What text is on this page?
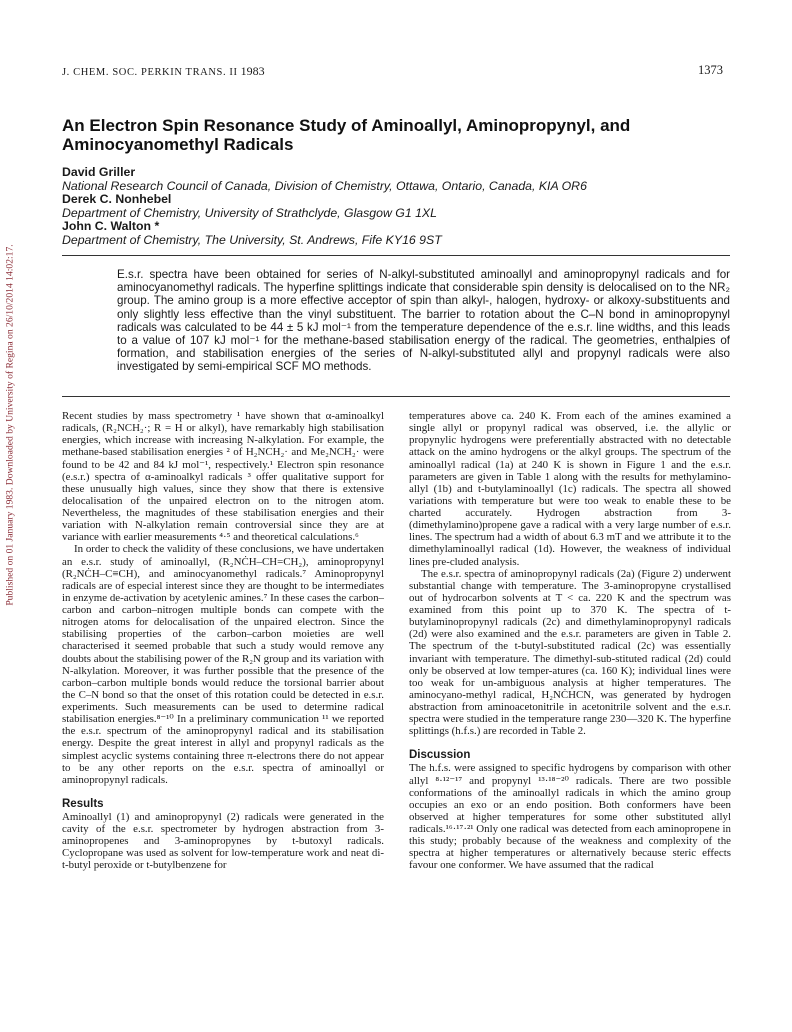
Published on 01 January 1983. Downloaded by University of Regina on 26/10/2014 14:02:17.
J. CHEM. SOC. PERKIN TRANS. II 1983	1373
An Electron Spin Resonance Study of Aminoallyl, Aminopropynyl, and Aminocyanomethyl Radicals
David Griller
National Research Council of Canada, Division of Chemistry, Ottawa, Ontario, Canada, KIA OR6
Derek C. Nonhebel
Department of Chemistry, University of Strathclyde, Glasgow G1 1XL
John C. Walton *
Department of Chemistry, The University, St. Andrews, Fife KY16 9ST

E.s.r. spectra have been obtained for series of N-alkyl-substituted aminoallyl and aminopropynyl radicals and for aminocyanomethyl radicals. The hyperfine splittings indicate that considerable spin density is delocalised on to the NR₂ group. The amino group is a more effective acceptor of spin than alkyl-, halogen, hydroxy- or alkoxy-substituents and only slightly less effective than the vinyl substituent. The barrier to rotation about the C–N bond in aminopropynyl radicals was calculated to be 44 ± 5 kJ mol⁻¹ from the temperature dependence of the e.s.r. line widths, and this leads to a value of 107 kJ mol⁻¹ for the methane-based stabilisation energy of the radical. The geometries, enthalpies of formation, and stabilisation energies of the series of N-alkyl-substituted allyl and propynyl radicals were also investigated by semi-empirical SCF MO methods.

Recent studies by mass spectrometry ¹ have shown that α-aminoalkyl radicals, (R₂NCH₂·; R = H or alkyl), have remarkably high stabilisation energies, which increase with increasing N-alkylation. For example, the methane-based stabilisation energies ² of H₂NCH₂· and Me₂NCH₂· were found to be 42 and 84 kJ mol⁻¹, respectively.¹ Electron spin resonance (e.s.r.) spectra of α-aminoalkyl radicals ³ offer qualitative support for these unusually high values, since they show that there is extensive delocalisation of the unpaired electron on to the nitrogen atom. Nevertheless, the magnitudes of these stabilisation energies and their variation with N-alkylation remain controversial since they are at variance with earlier measurements ⁴·⁵ and theoretical calculations.⁶

In order to check the validity of these conclusions, we have undertaken an e.s.r. study of aminoallyl, (R₂NĊH–CH=CH₂), aminopropynyl (R₂NĊH–C≡CH), and aminocyanomethyl radicals.⁷ Aminopropynyl radicals are of especial interest since they are thought to be intermediates in enzyme de-activation by acetylenic amines.⁷ In these cases the carbon–carbon and carbon–nitrogen multiple bonds can compete with the nitrogen atoms for delocalisation of the unpaired electron. Since the stabilising properties of the carbon–carbon moieties are well characterised it seemed probable that such a study would remove any doubts about the stabilising power of the R₂N group and its variation with N-alkylation. Moreover, it was further possible that the presence of the carbon–carbon multiple bonds would reduce the torsional barrier about the C–N bond so that the onset of this rotation could be detected in e.s.r. experiments. Such measurements can be used to determine radical stabilisation energies.⁸⁻¹⁰ In a preliminary communication ¹¹ we reported the e.s.r. spectrum of the aminopropynyl radical and its stabilisation energy. Despite the great interest in allyl and propynyl radicals as the simplest acyclic systems containing three π-electrons there do not appear to be any other reports on the e.s.r. spectra of aminoallyl or aminopropynyl radicals.

Results

Aminoallyl (1) and aminopropynyl (2) radicals were generated in the cavity of the e.s.r. spectrometer by hydrogen abstraction from 3-aminopropenes and 3-aminopropynes by t-butoxyl radicals. Cyclopropane was used as solvent for low-temperature work and neat di-t-butyl peroxide or t-butylbenzene for

temperatures above ca. 240 K. From each of the amines examined a single allyl or propynyl radical was observed, i.e. the allylic or propynylic hydrogens were preferentially abstracted with no detectable attack on the amino hydrogens or the alkyl groups. The spectrum of the aminoallyl radical (1a) at 240 K is shown in Figure 1 and the e.s.r. parameters are given in Table 1 along with the results for methylamino-allyl (1b) and t-butylaminoallyl (1c) radicals. The spectra all showed variations with temperature but were too weak to enable these to be charted accurately. Hydrogen abstraction from 3-(dimethylamino)propene gave a radical with a very large number of e.s.r. lines. The spectrum had a width of about 6.3 mT and we attribute it to the dimethylaminoallyl radical (1d). However, the weakness of individual lines pre-cluded analysis.

The e.s.r. spectra of aminopropynyl radicals (2a) (Figure 2) underwent substantial change with temperature. The 3-aminopropyne crystallised out of hydrocarbon solvents at T < ca. 220 K and the spectrum was examined from this point up to 370 K. The spectra of t-butylaminopropynyl radicals (2c) and dimethylaminopropynyl radicals (2d) were also examined and the e.s.r. parameters are given in Table 2. The spectrum of the t-butyl-substituted radical (2c) was essentially invariant with temperature. The dimethyl-sub-stituted radical (2d) could only be observed at low temper-atures (ca. 160 K); individual lines were too weak for un-ambiguous analysis at higher temperatures. The aminocyano-methyl radical, H₂NĊHCN, was generated by hydrogen abstraction from aminoacetonitrile in acetonitrile solvent and the e.s.r. spectra were studied in the temperature range 230—320 K. The hyperfine splittings (h.f.s.) are recorded in Table 2.

Discussion

The h.f.s. were assigned to specific hydrogens by comparison with other allyl ⁸·¹²⁻¹⁷ and propynyl ¹³·¹⁸⁻²⁰ radicals. There are two possible conformations of the aminoallyl radicals in which the amino group occupies an exo or an endo position. Both conformers have been observed at higher temperatures for some other substituted allyl radicals.¹⁶·¹⁷·²¹ Only one radical was detected from each aminopropene in this study; probably because of the weakness and complexity of the spectra at higher temperatures or alternatively because steric effects favour one conformer. We have assumed that the radical
